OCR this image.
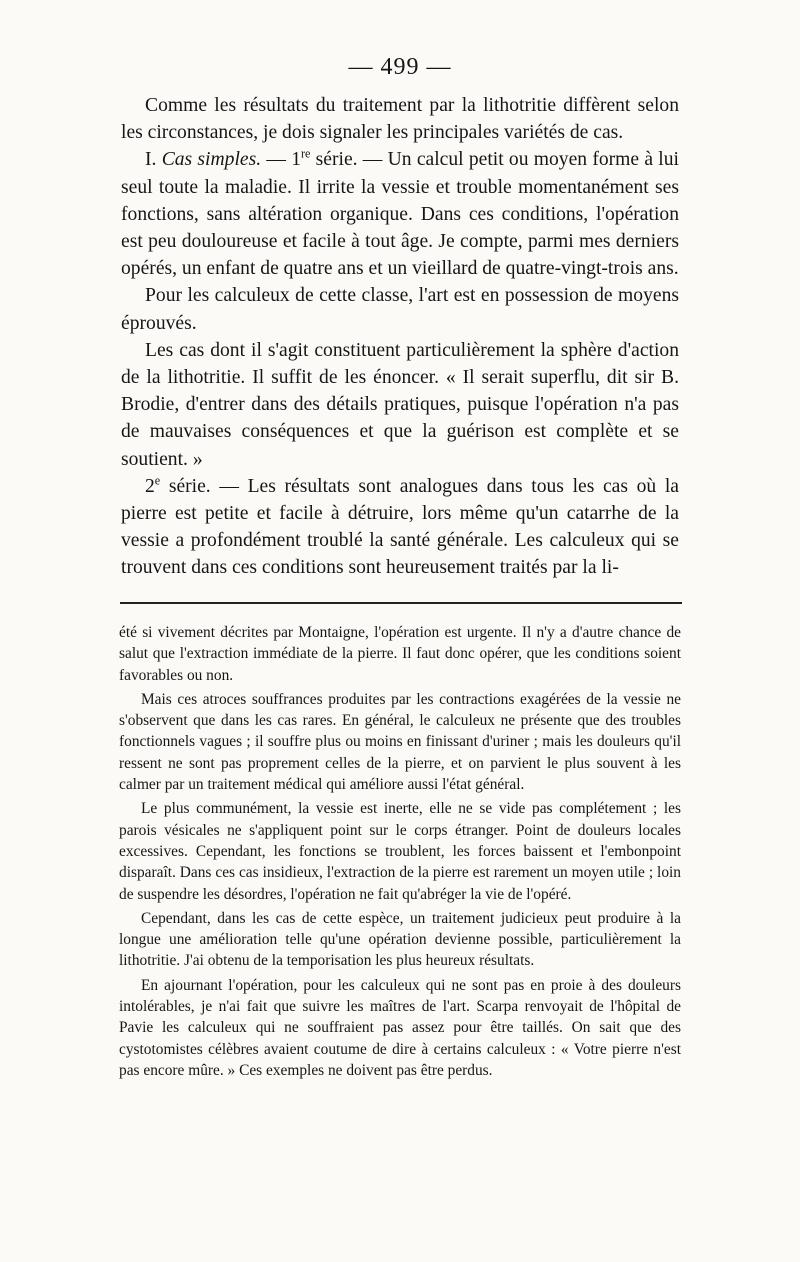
— 499 —

Comme les résultats du traitement par la lithotritie diffèrent selon les circonstances, je dois signaler les principales variétés de cas.

I. Cas simples. — 1re série. — Un calcul petit ou moyen forme à lui seul toute la maladie. Il irrite la vessie et trouble momentanément ses fonctions, sans altération organique. Dans ces conditions, l'opération est peu douloureuse et facile à tout âge. Je compte, parmi mes derniers opérés, un enfant de quatre ans et un vieillard de quatre-vingt-trois ans.

Pour les calculeux de cette classe, l'art est en possession de moyens éprouvés.

Les cas dont il s'agit constituent particulièrement la sphère d'action de la lithotritie. Il suffit de les énoncer. « Il serait superflu, dit sir B. Brodie, d'entrer dans des détails pratiques, puisque l'opération n'a pas de mauvaises conséquences et que la guérison est complète et se soutient. »

2e série. — Les résultats sont analogues dans tous les cas où la pierre est petite et facile à détruire, lors même qu'un catarrhe de la vessie a profondément troublé la santé générale. Les calculeux qui se trouvent dans ces conditions sont heureusement traités par la li-

été si vivement décrites par Montaigne, l'opération est urgente. Il n'y a d'autre chance de salut que l'extraction immédiate de la pierre. Il faut donc opérer, que les conditions soient favorables ou non.

Mais ces atroces souffrances produites par les contractions exagérées de la vessie ne s'observent que dans les cas rares. En général, le calculeux ne présente que des troubles fonctionnels vagues ; il souffre plus ou moins en finissant d'uriner ; mais les douleurs qu'il ressent ne sont pas proprement celles de la pierre, et on parvient le plus souvent à les calmer par un traitement médical qui améliore aussi l'état général.

Le plus communément, la vessie est inerte, elle ne se vide pas complétement ; les parois vésicales ne s'appliquent point sur le corps étranger. Point de douleurs locales excessives. Cependant, les fonctions se troublent, les forces baissent et l'embonpoint disparaît. Dans ces cas insidieux, l'extraction de la pierre est rarement un moyen utile ; loin de suspendre les désordres, l'opération ne fait qu'abréger la vie de l'opéré.

Cependant, dans les cas de cette espèce, un traitement judicieux peut produire à la longue une amélioration telle qu'une opération devienne possible, particulièrement la lithotritie. J'ai obtenu de la temporisation les plus heureux résultats.

En ajournant l'opération, pour les calculeux qui ne sont pas en proie à des douleurs intolérables, je n'ai fait que suivre les maîtres de l'art. Scarpa renvoyait de l'hôpital de Pavie les calculeux qui ne souffraient pas assez pour être taillés. On sait que des cystotomistes célèbres avaient coutume de dire à certains calculeux : « Votre pierre n'est pas encore mûre. » Ces exemples ne doivent pas être perdus.
